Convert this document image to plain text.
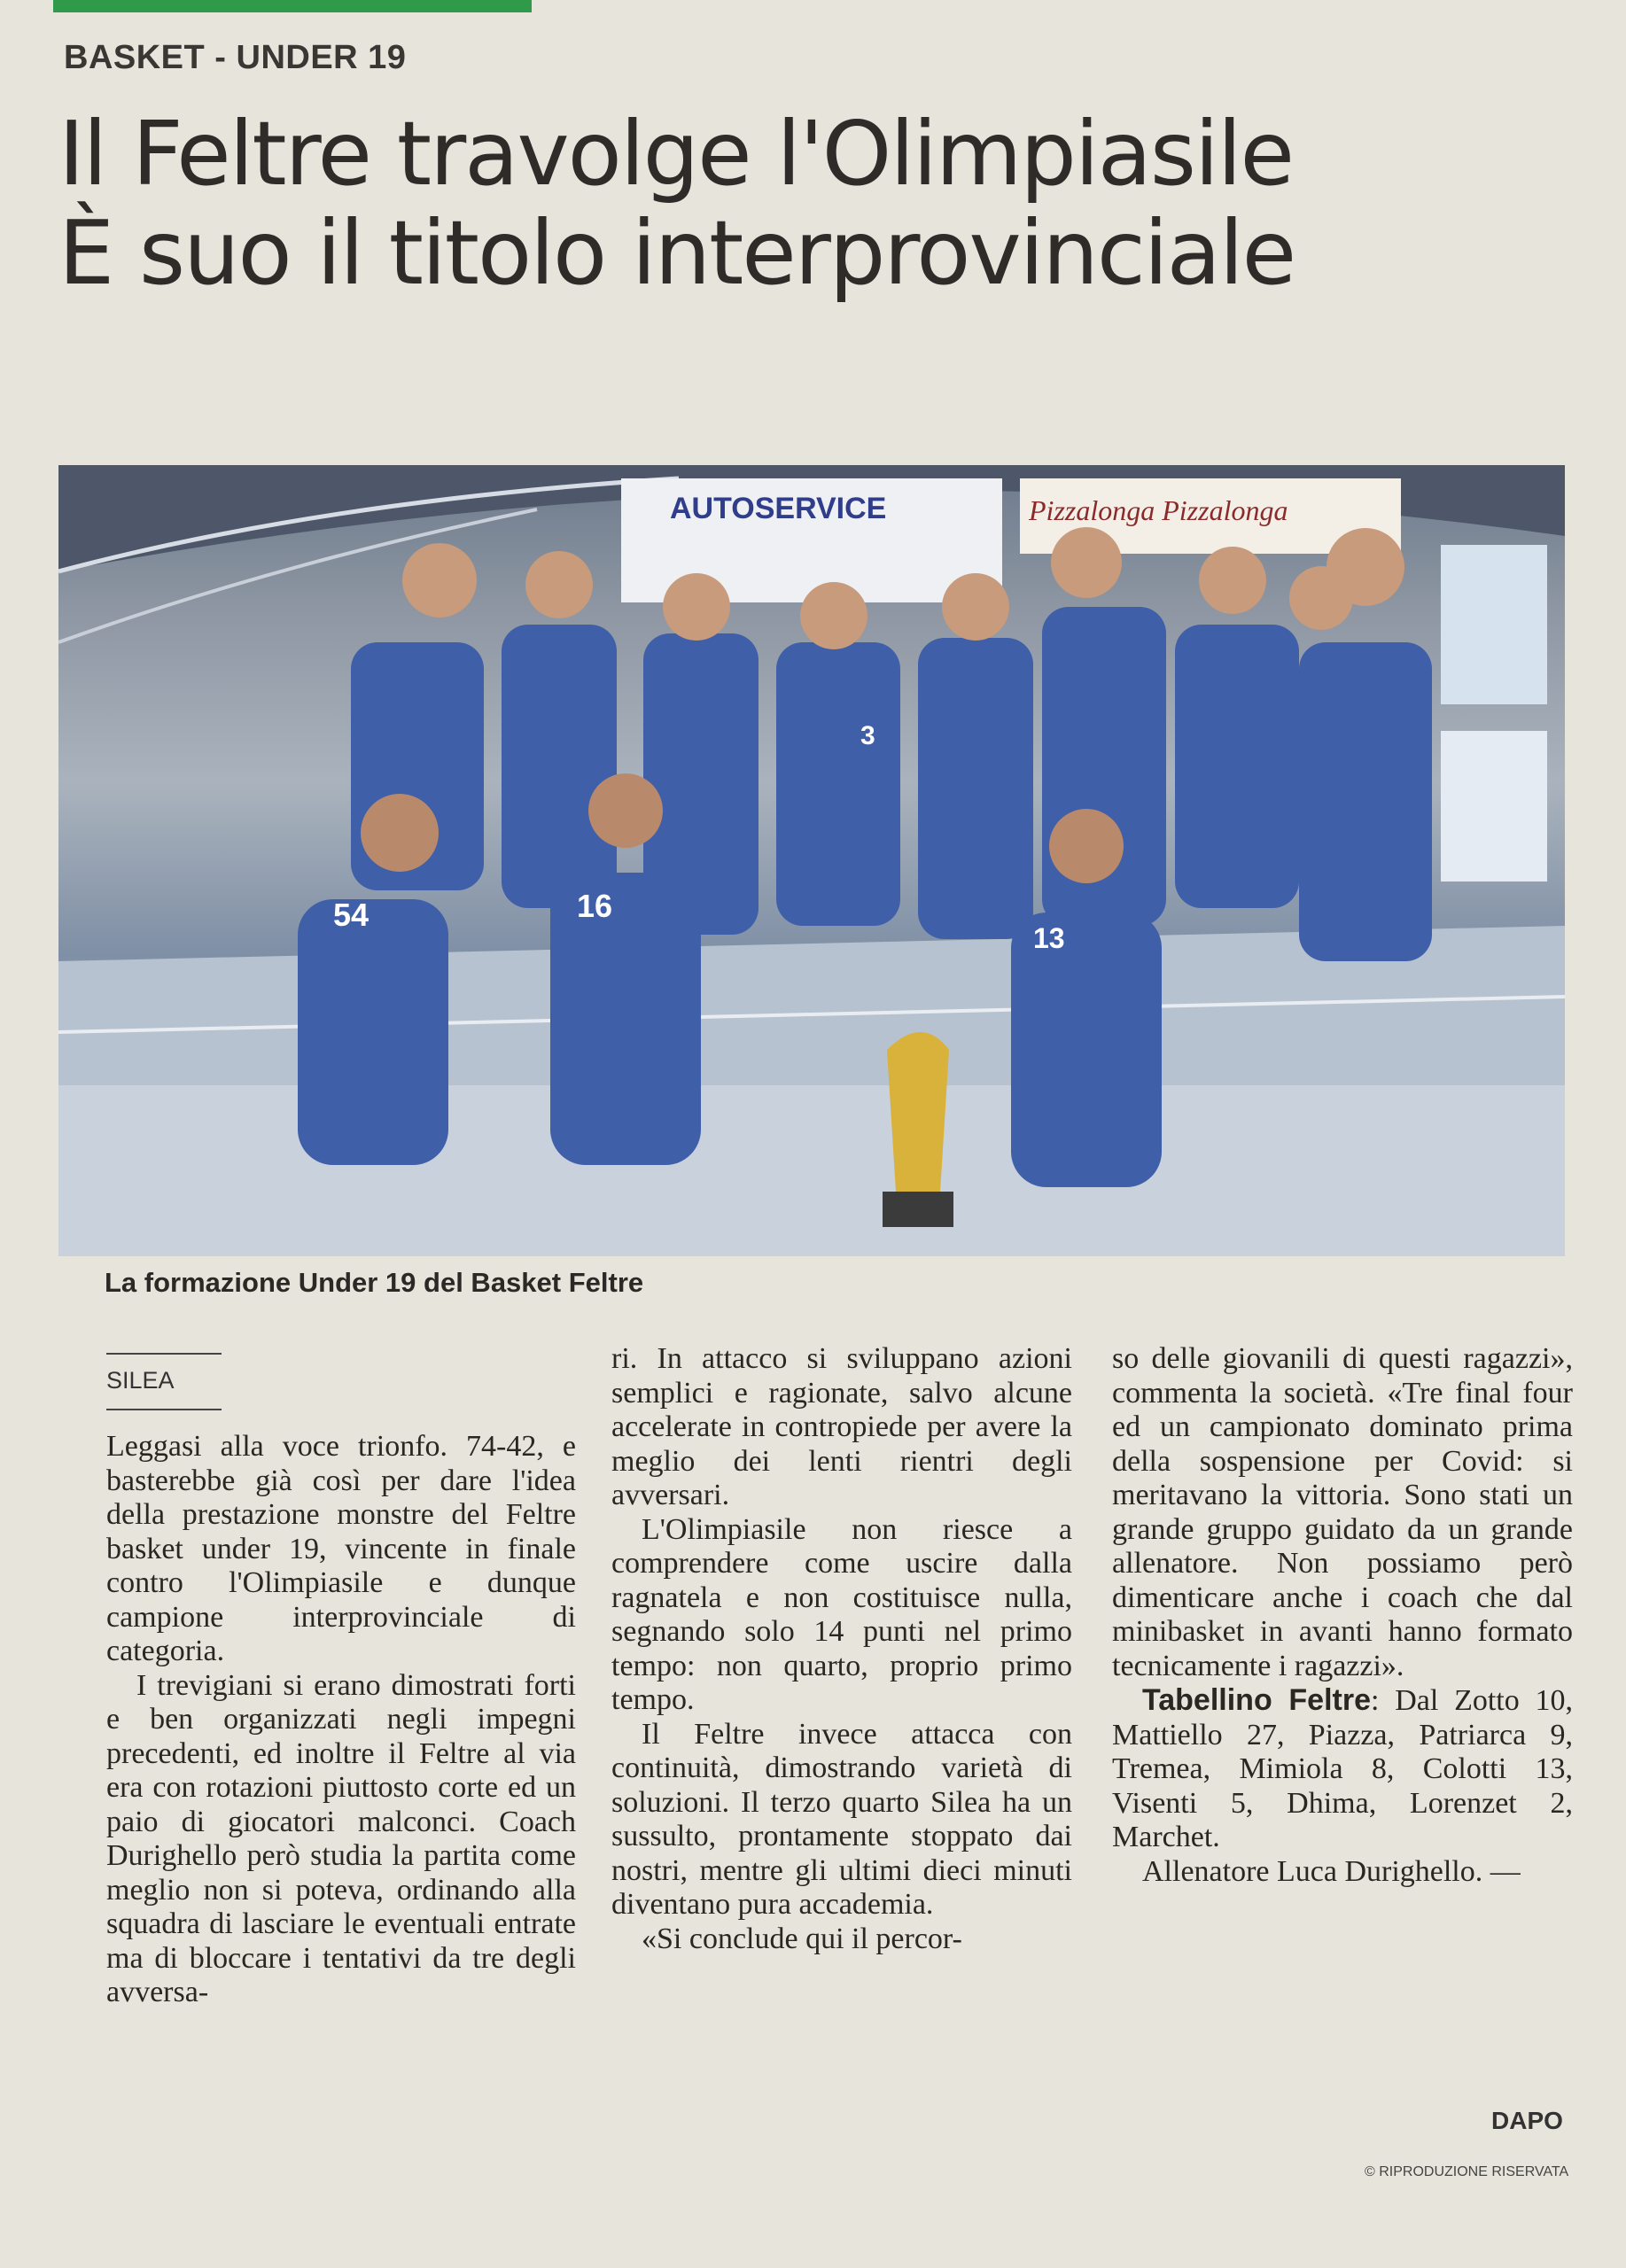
BASKET - UNDER 19
Il Feltre travolge l'Olimpiasile
È suo il titolo interprovinciale
AUTOSERVICE	Pizzalonga Pizzalonga
54	16
13
3
La formazione Under 19 del Basket Feltre
SILEA

Leggasi alla voce trionfo. 74-42, e basterebbe già così per dare l'idea della prestazione monstre del Feltre basket under 19, vincente in finale contro l'Olimpiasile e dunque campione interprovinciale di categoria.

I trevigiani si erano dimostrati forti e ben organizzati negli impegni precedenti, ed inoltre il Feltre al via era con rotazioni piuttosto corte ed un paio di giocatori malconci. Coach Durighello però studia la partita come meglio non si poteva, ordinando alla squadra di lasciare le eventuali entrate ma di bloccare i tentativi da tre degli avversa-

ri. In attacco si sviluppano azioni semplici e ragionate, salvo alcune accelerate in contropiede per avere la meglio dei lenti rientri degli avversari.

L'Olimpiasile non riesce a comprendere come uscire dalla ragnatela e non costituisce nulla, segnando solo 14 punti nel primo tempo: non quarto, proprio primo tempo.

Il Feltre invece attacca con continuità, dimostrando varietà di soluzioni. Il terzo quarto Silea ha un sussulto, prontamente stoppato dai nostri, mentre gli ultimi dieci minuti diventano pura accademia.

«Si conclude qui il percor-

so delle giovanili di questi ragazzi», commenta la società. «Tre final four ed un campionato dominato prima della sospensione per Covid: si meritavano la vittoria. Sono stati un grande gruppo guidato da un grande allenatore. Non possiamo però dimenticare anche i coach che dal minibasket in avanti hanno formato tecnicamente i ragazzi».

Tabellino Feltre: Dal Zotto 10, Mattiello 27, Piazza, Patriarca 9, Tremea, Mimiola 8, Colotti 13, Visenti 5, Dhima, Lorenzet 2, Marchet.

Allenatore Luca Durighello. —

DAPO
© RIPRODUZIONE RISERVATA
